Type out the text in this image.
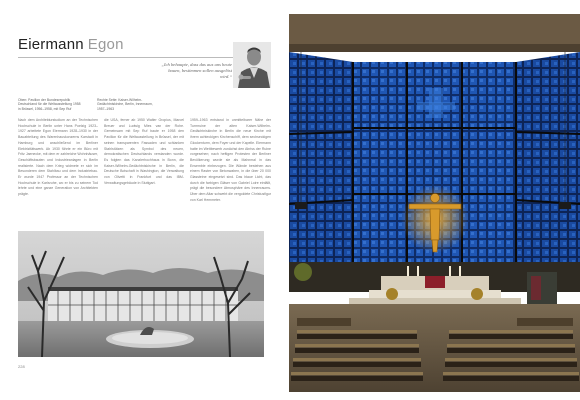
Eiermann Egon
„Ich behaupte, dass das aus uns heute bauen, bestimmen sollen ausgelöst wird.“
Oben: Pavillon der Bundesrepublik Deutschland für die Weltausstellung 1958 in Brüssel, 1956–1958, mit Sep Ruf
Rechte Seite: Kaiser-Wilhelm-Gedächtniskirche, Berlin, Innenraum, 1957–1963
Nach dem Architekturstudium an der Technischen Hochschule in Berlin unter Hans Poelzig 1923–1927 arbeitete Egon Eiermann 1928–1930 in der Bauabteilung des Warenhauskonzerns Karstadt in Hamburg und anschließend im Berliner Elektrizitätswerk. Ab 1930 führte er ein Büro mit Fritz Jaenecke, mit dem er zahlreiche Wohnhäuser, Geschäftsbauten und Industrieanlagen in Berlin realisierte. Nach dem Krieg widmete er sich im Besonderen dem Stahlbau und dem Industriebau. Er wurde 1947 Professor an der Technischen Hochschule in Karlsruhe, wo er bis zu seinem Tod lehrte und eine ganze Generation von Architekten prägte.
die USA, ferner ab 1950 Walter Gropius, Marcel Breuer und Ludwig Mies van der Rohe. Gemeinsam mit Sep Ruf baute er 1958 den Pavillon für die Weltausstellung in Brüssel, der mit seinen transparenten Fassaden und schlanken Stahlstützen als Symbol des neuen, demokratischen Deutschlands verstanden wurde. Es folgten das Kanzlerhochhaus in Bonn, die Kaiser-Wilhelm-Gedächtniskirche in Berlin, die Deutsche Botschaft in Washington, die Verwaltung von Olivetti in Frankfurt und das IBM-Verwaltungsgebäude in Stuttgart.
1959–1963 entstand in unmittelbarer Nähe der Turmruine der alten Kaiser-Wilhelm-Gedächtniskirche in Berlin die neue Kirche mit ihrem achteckigen Kirchenschiff, dem sechseckigen Glockenturm, dem Foyer und der Kapelle. Eiermann hatte im Wettbewerb zunächst den Abriss der Ruine vorgesehen; nach heftigen Protesten der Berliner Bevölkerung wurde sie als Mahnmal in das Ensemble einbezogen. Die Wände bestehen aus einem Raster von Betonwaben, in die über 20 000 Glassteine eingesetzt sind. Das blaue Licht, das durch die farbigen Gläser von Gabriel Loire einfällt, prägt die besondere Atmosphäre des Innenraums. Über dem Altar schwebt die vergoldete Christusfigur von Karl Hemmeter.
228
